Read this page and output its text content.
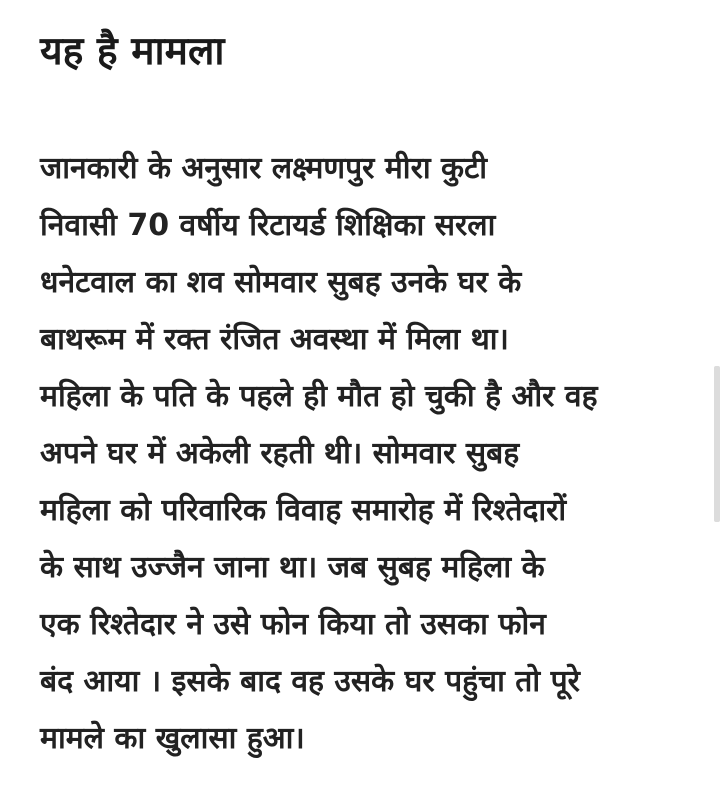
यह है मामला
जानकारी के अनुसार लक्ष्मणपुर मीरा कुटी
निवासी 70 वर्षीय रिटायर्ड शिक्षिका सरला
धनेटवाल का शव सोमवार सुबह उनके घर के
बाथरूम में रक्त रंजित अवस्था में मिला था।
महिला के पति के पहले ही मौत हो चुकी है और वह
अपने घर में अकेली रहती थी। सोमवार सुबह
महिला को परिवारिक विवाह समारोह में रिश्तेदारों
के साथ उज्जैन जाना था। जब सुबह महिला के
एक रिश्तेदार ने उसे फोन किया तो उसका फोन
बंद आया । इसके बाद वह उसके घर पहुंचा तो पूरे
मामले का खुलासा हुआ।
